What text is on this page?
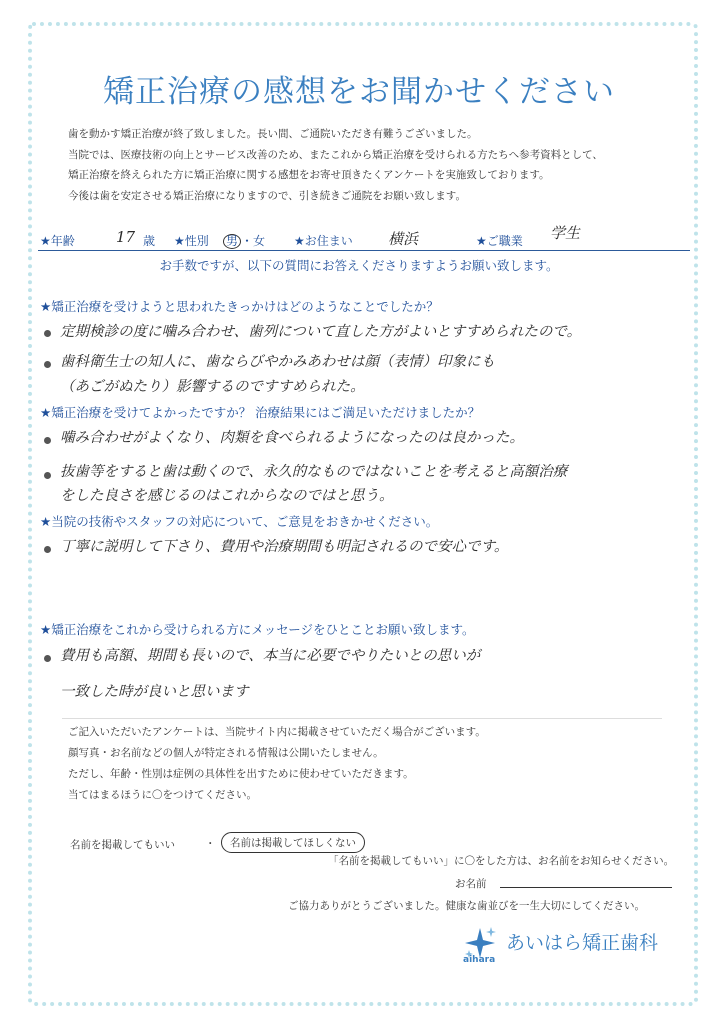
矯正治療の感想をお聞かせください
歯を動かす矯正治療が終了致しました。長い間、ご通院いただき有難うございました。
当院では、医療技術の向上とサービス改善のため、またこれから矯正治療を受けられる方たちへ参考資料として、
矯正治療を終えられた方に矯正治療に関する感想をお寄せ頂きたくアンケートを実施致しております。
今後は歯を安定させる矯正治療になりますので、引き続きご通院をお願い致します。
★年齢	17 歳 ★性別 男 ・女 ★お住まい 横浜	★ご職業 学生
お手数ですが、以下の質問にお答えくださりますようお願い致します。
★矯正治療を受けようと思われたきっかけはどのようなことでしたか？
定期検診の度に噛み合わせ、歯列について直した方がよいとすすめられたので。
歯科衛生士の知人に、歯ならびやかみあわせは顔（表情）印象にも
（あごがぬたり）影響するのですすめられた。
★矯正治療を受けてよかったですか？ 治療結果にはご満足いただけましたか？
噛み合わせがよくなり、肉類を食べられるようになったのは良かった。
抜歯等をすると歯は動くので、永久的なものではないことを考えると高額治療
をした良さを感じるのはこれからなのではと思う。
★当院の技術やスタッフの対応について、ご意見をおきかせください。
丁寧に説明して下さり、費用や治療期間も明記されるので安心です。
★矯正治療をこれから受けられる方にメッセージをひとことお願い致します。
費用も高額、期間も長いので、本当に必要でやりたいとの思いが
一致した時が良いと思います
ご記入いただいたアンケートは、当院サイト内に掲載させていただく場合がございます。
顔写真・お名前などの個人が特定される情報は公開いたしません。
ただし、年齢・性別は症例の具体性を出すために使わせていただきます。
当てはまるほうに〇をつけてください。
名前を掲載してもいい	・	名前は掲載してほしくない
「名前を掲載してもいい」に〇をした方は、お名前をお知らせください。
お名前
ご協力ありがとうございました。健康な歯並びを一生大切にしてください。
あいはら矯正歯科
aihara
